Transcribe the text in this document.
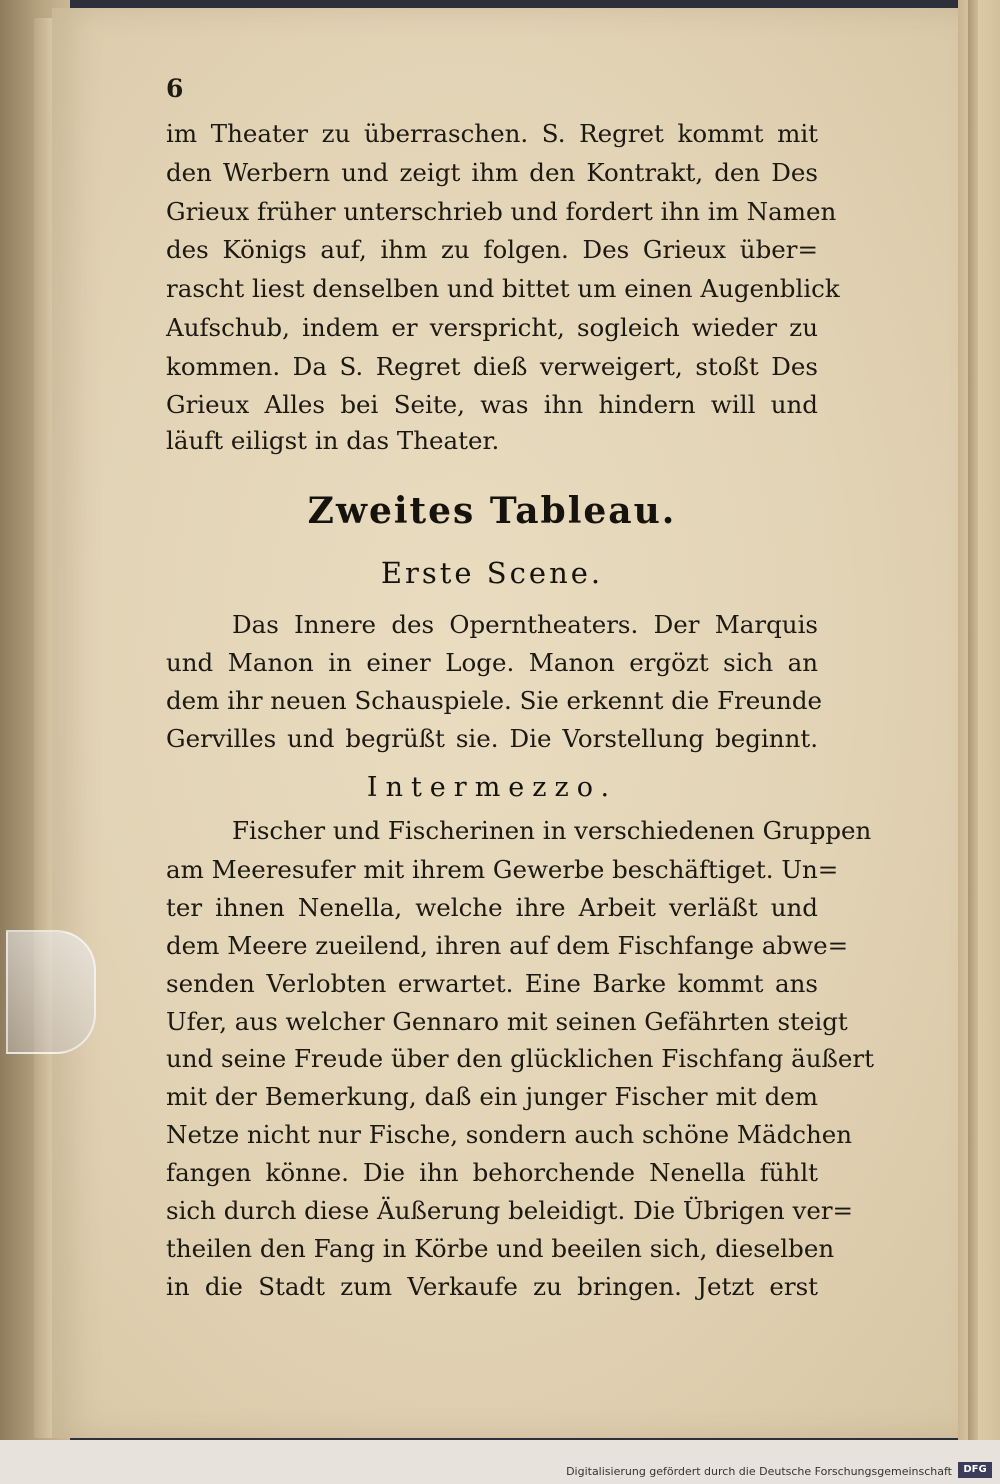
6
im Theater zu überraschen. S. Regret kommt mit
den Werbern und zeigt ihm den Kontrakt, den Des
Grieux früher unterschrieb und fordert ihn im Namen
des Königs auf, ihm zu folgen. Des Grieux über=
rascht liest denselben und bittet um einen Augenblick
Aufschub, indem er verspricht, sogleich wieder zu
kommen. Da S. Regret dieß verweigert, stoßt Des
Grieux Alles bei Seite, was ihn hindern will und
läuft eiligst in das Theater.
Zweites Tableau.
Erste Scene.
Das Innere des Operntheaters. Der Marquis
und Manon in einer Loge. Manon ergözt sich an
dem ihr neuen Schauspiele. Sie erkennt die Freunde
Gervilles und begrüßt sie. Die Vorstellung beginnt.
Intermezzo.
Fischer und Fischerinen in verschiedenen Gruppen
am Meeresufer mit ihrem Gewerbe beschäftiget. Un=
ter ihnen Nenella, welche ihre Arbeit verläßt und
dem Meere zueilend, ihren auf dem Fischfange abwe=
senden Verlobten erwartet. Eine Barke kommt ans
Ufer, aus welcher Gennaro mit seinen Gefährten steigt
und seine Freude über den glücklichen Fischfang äußert
mit der Bemerkung, daß ein junger Fischer mit dem
Netze nicht nur Fische, sondern auch schöne Mädchen
fangen könne. Die ihn behorchende Nenella fühlt
sich durch diese Äußerung beleidigt. Die Übrigen ver=
theilen den Fang in Körbe und beeilen sich, dieselben
in die Stadt zum Verkaufe zu bringen. Jetzt erst
Digitalisierung gefördert durch die Deutsche Forschungsgemeinschaft	DFG
